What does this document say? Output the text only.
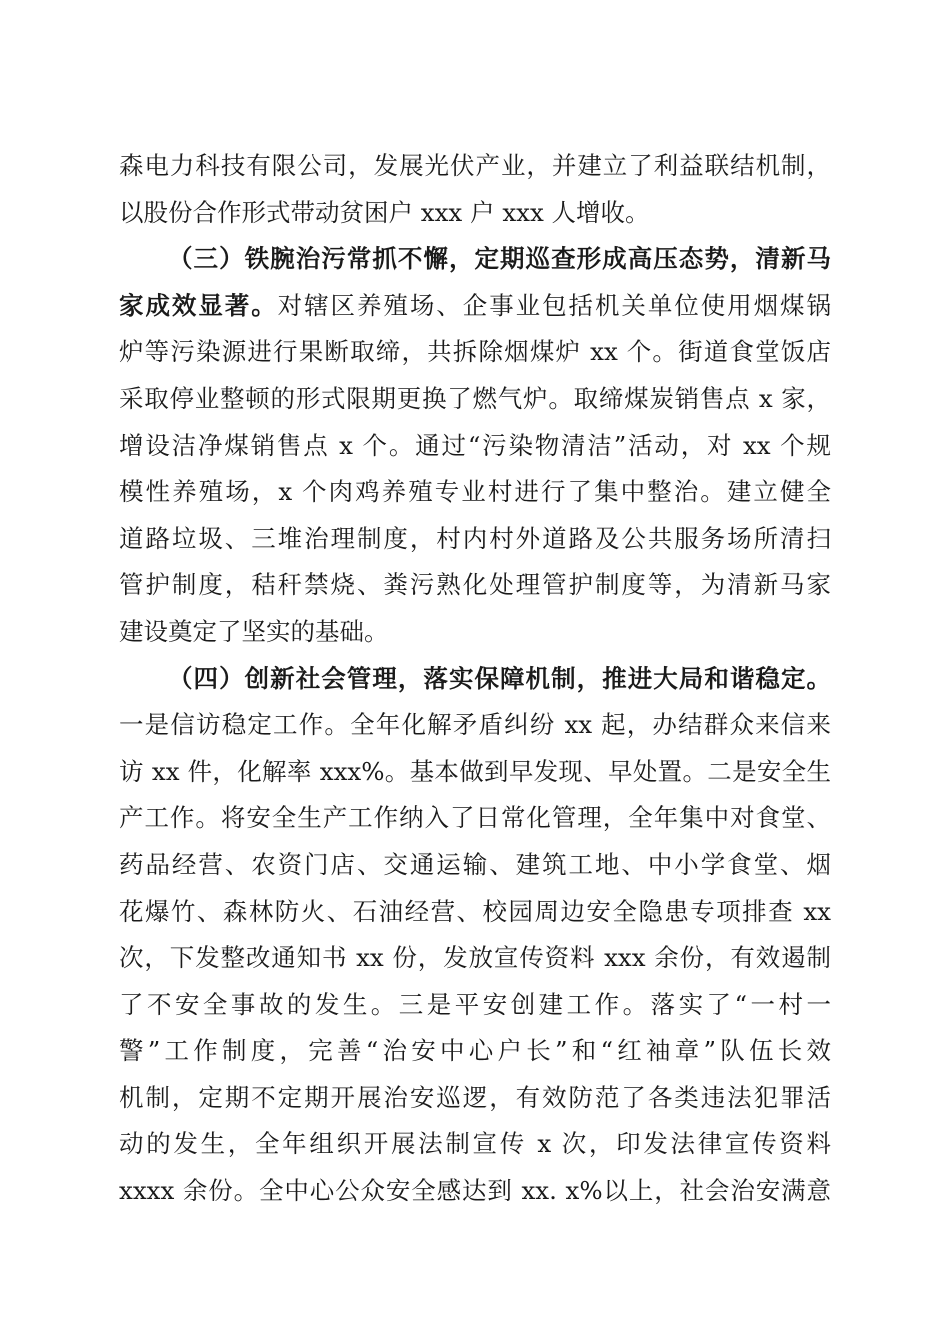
森电力科技有限公司，发展光伏产业，并建立了利益联结机制，
以股份合作形式带动贫困户 xxx 户 xxx 人增收。
（三）铁腕治污常抓不懈，定期巡查形成高压态势，清新马
家成效显著。对辖区养殖场、企事业包括机关单位使用烟煤锅
炉等污染源进行果断取缔，共拆除烟煤炉 xx 个。街道食堂饭店
采取停业整顿的形式限期更换了燃气炉。取缔煤炭销售点 x 家，
增设洁净煤销售点 x 个。通过“污染物清洁”活动，对 xx 个规
模性养殖场，x 个肉鸡养殖专业村进行了集中整治。建立健全
道路垃圾、三堆治理制度，村内村外道路及公共服务场所清扫
管护制度，秸秆禁烧、粪污熟化处理管护制度等，为清新马家
建设奠定了坚实的基础。
（四）创新社会管理，落实保障机制，推进大局和谐稳定。
一是信访稳定工作。全年化解矛盾纠纷 xx 起，办结群众来信来
访 xx 件，化解率 xxx%。基本做到早发现、早处置。二是安全生
产工作。将安全生产工作纳入了日常化管理，全年集中对食堂、
药品经营、农资门店、交通运输、建筑工地、中小学食堂、烟
花爆竹、森林防火、石油经营、校园周边安全隐患专项排查 xx
次，下发整改通知书 xx 份，发放宣传资料 xxx 余份，有效遏制
了不安全事故的发生。三是平安创建工作。落实了“一村一
警”工作制度，完善“治安中心户长”和“红袖章”队伍长效
机制，定期不定期开展治安巡逻，有效防范了各类违法犯罪活
动的发生，全年组织开展法制宣传 x 次，印发法律宣传资料
xxxx 余份。全中心公众安全感达到 xx. x%以上，社会治安满意
